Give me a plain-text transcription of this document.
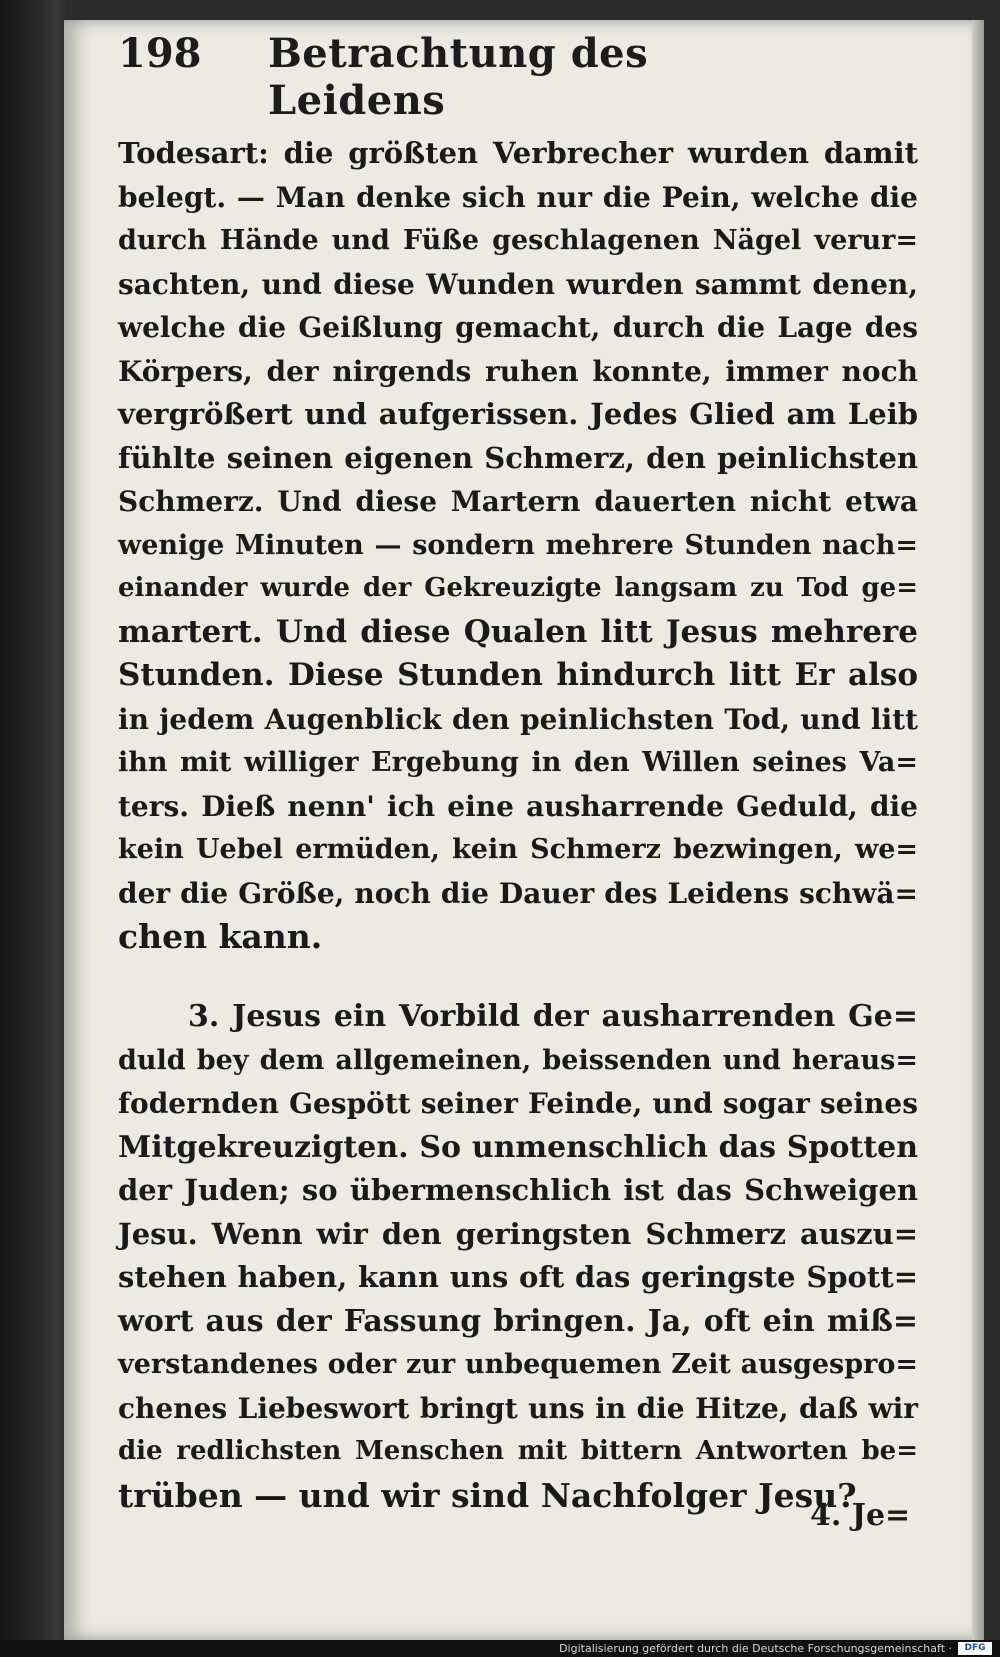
198 Betrachtung des Leidens
Todesart: die größten Verbrecher wurden damit
belegt. — Man denke sich nur die Pein, welche die
durch Hände und Füße geschlagenen Nägel verur=
sachten, und diese Wunden wurden sammt denen,
welche die Geißlung gemacht, durch die Lage des
Körpers, der nirgends ruhen konnte, immer noch
vergrößert und aufgerissen. Jedes Glied am Leib
fühlte seinen eigenen Schmerz, den peinlichsten
Schmerz. Und diese Martern dauerten nicht etwa
wenige Minuten — sondern mehrere Stunden nach=
einander wurde der Gekreuzigte langsam zu Tod ge=
martert. Und diese Qualen litt Jesus mehrere
Stunden. Diese Stunden hindurch litt Er also
in jedem Augenblick den peinlichsten Tod, und litt
ihn mit williger Ergebung in den Willen seines Va=
ters. Dieß nenn' ich eine ausharrende Geduld, die
kein Uebel ermüden, kein Schmerz bezwingen, we=
der die Größe, noch die Dauer des Leidens schwä=
chen kann.
3. Jesus ein Vorbild der ausharrenden Ge=
duld bey dem allgemeinen, beissenden und heraus=
fodernden Gespött seiner Feinde, und sogar seines
Mitgekreuzigten. So unmenschlich das Spotten
der Juden; so übermenschlich ist das Schweigen
Jesu. Wenn wir den geringsten Schmerz auszu=
stehen haben, kann uns oft das geringste Spott=
wort aus der Fassung bringen. Ja, oft ein miß=
verstandenes oder zur unbequemen Zeit ausgespro=
chenes Liebeswort bringt uns in die Hitze, daß wir
die redlichsten Menschen mit bittern Antworten be=
trüben — und wir sind Nachfolger Jesu?
4. Je=
Digitalisierung gefördert durch die Deutsche Forschungsgemeinschaft ·	DFG
